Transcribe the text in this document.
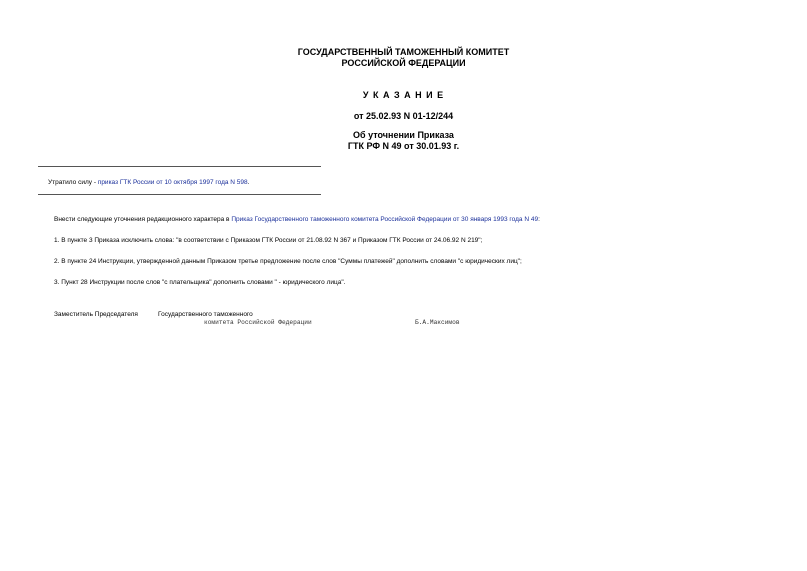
ГОСУДАРСТВЕННЫЙ ТАМОЖЕННЫЙ КОМИТЕТ
РОССИЙСКОЙ ФЕДЕРАЦИИ
У К А З А Н И Е
от 25.02.93 N 01-12/244
Об уточнении Приказа
ГТК РФ N 49 от 30.01.93 г.
Утратило силу - приказ ГТК России от 10 октября 1997 года N 598.
Внести следующие уточнения редакционного характера в Приказ Государственного таможенного комитета Российской Федерации от 30 января 1993 года N 49:
1. В пункте 3 Приказа исключить слова: "в соответствии с Приказом ГТК России от 21.08.92 N 367 и Приказом ГТК России от 24.06.92 N 219";
2. В пункте 24 Инструкции, утвержденной данным Приказом третье предложение после слов "Суммы платежей" дополнить словами "с юридических лиц";
3. Пункт 28 Инструкции после слов "с плательщика" дополнить словами " - юридического лица".
Заместитель Председателя	Государственного таможенного
комитета Российской Федерации	Б.А.Максимов
